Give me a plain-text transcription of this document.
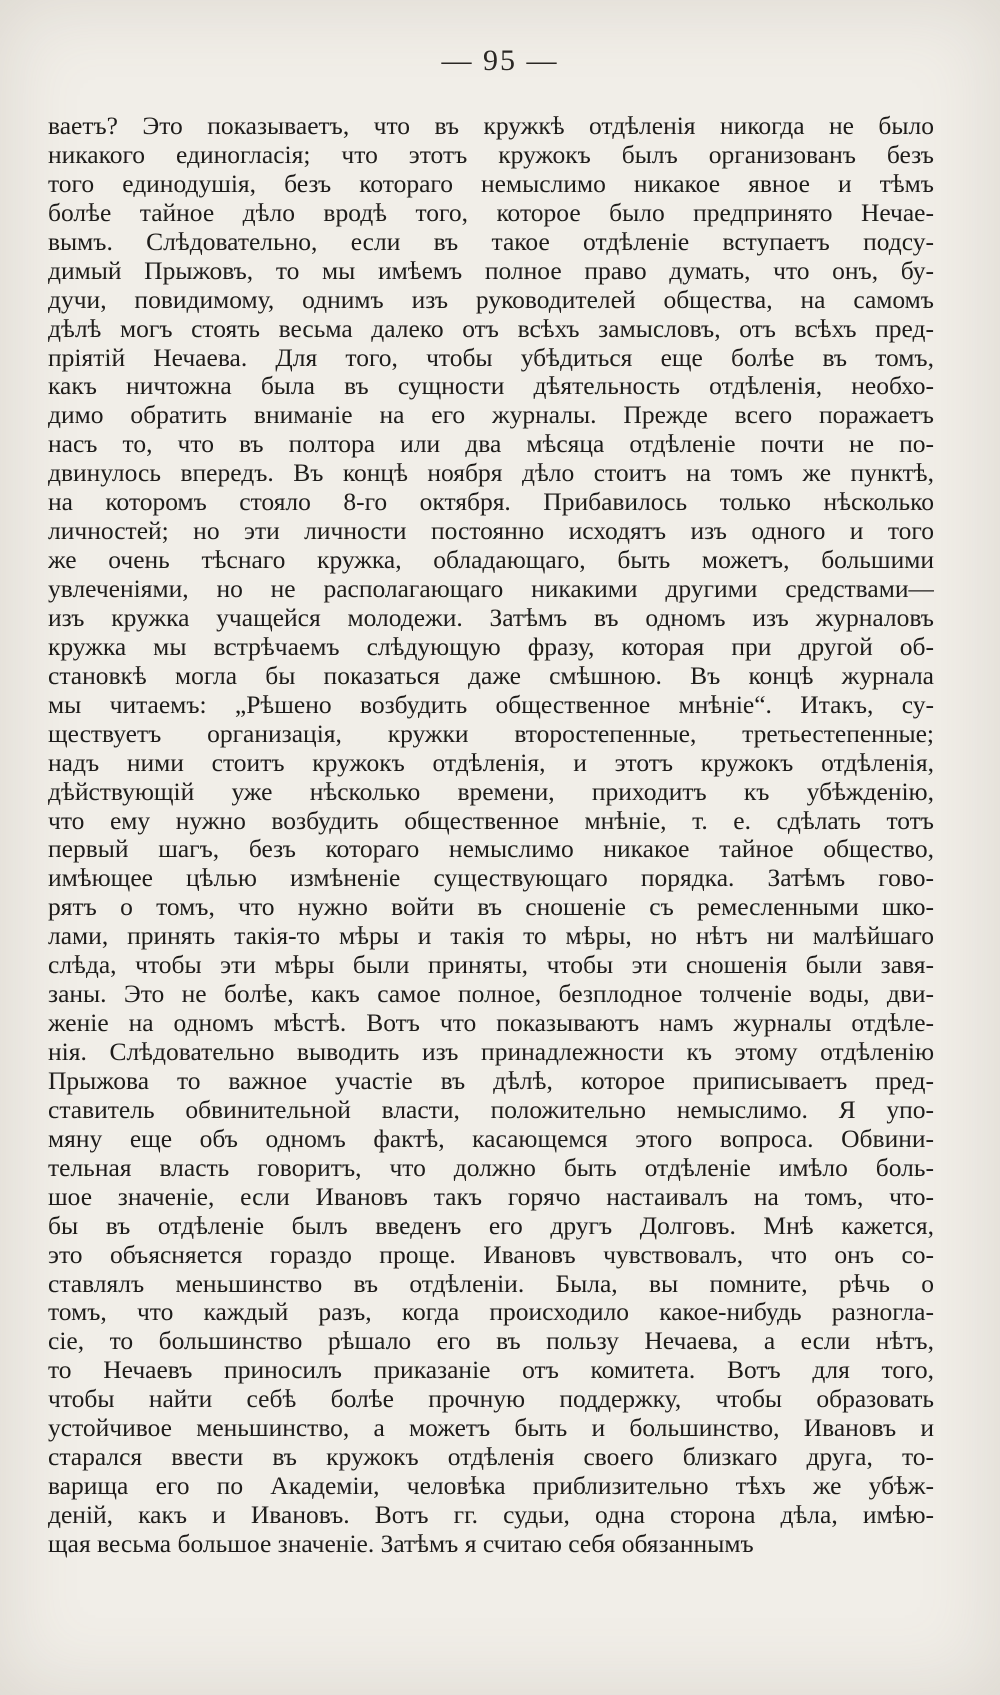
— 95 —
ваетъ? Это показываетъ, что въ кружкѣ отдѣленія никогда не было
никакого единогласія; что этотъ кружокъ былъ организованъ безъ
того единодушія, безъ котораго немыслимо никакое явное и тѣмъ
болѣе тайное дѣло вродѣ того, которое было предпринято Нечае-
вымъ. Слѣдовательно, если въ такое отдѣленіе вступаетъ подсу-
димый Прыжовъ, то мы имѣемъ полное право думать, что онъ, бу-
дучи, повидимому, однимъ изъ руководителей общества, на самомъ
дѣлѣ могъ стоять весьма далеко отъ всѣхъ замысловъ, отъ всѣхъ пред-
пріятій Нечаева. Для того, чтобы убѣдиться еще болѣе въ томъ,
какъ ничтожна была въ сущности дѣятельность отдѣленія, необхо-
димо обратить вниманіе на его журналы. Прежде всего поражаетъ
насъ то, что въ полтора или два мѣсяца отдѣленіе почти не по-
двинулось впередъ. Въ концѣ ноября дѣло стоитъ на томъ же пунктѣ,
на которомъ стояло 8-го октября. Прибавилось только нѣсколько
личностей; но эти личности постоянно исходятъ изъ одного и того
же очень тѣснаго кружка, обладающаго, быть можетъ, большими
увлеченіями, но не располагающаго никакими другими средствами—
изъ кружка учащейся молодежи. Затѣмъ въ одномъ изъ журналовъ
кружка мы встрѣчаемъ слѣдующую фразу, которая при другой об-
становкѣ могла бы показаться даже смѣшною. Въ концѣ журнала
мы читаемъ: „Рѣшено возбудить общественное мнѣніе“. Итакъ, су-
ществуетъ организація, кружки второстепенные, третьестепенные;
надъ ними стоитъ кружокъ отдѣленія, и этотъ кружокъ отдѣленія,
дѣйствующій уже нѣсколько времени, приходитъ къ убѣжденію,
что ему нужно возбудить общественное мнѣніе, т. е. сдѣлать тотъ
первый шагъ, безъ котораго немыслимо никакое тайное общество,
имѣющее цѣлью измѣненіе существующаго порядка. Затѣмъ гово-
рятъ о томъ, что нужно войти въ сношеніе съ ремесленными шко-
лами, принять такія-то мѣры и такія то мѣры, но нѣтъ ни малѣйшаго
слѣда, чтобы эти мѣры были приняты, чтобы эти сношенія были завя-
заны. Это не болѣе, какъ самое полное, безплодное толченіе воды, дви-
женіе на одномъ мѣстѣ. Вотъ что показываютъ намъ журналы отдѣле-
нія. Слѣдовательно выводить изъ принадлежности къ этому отдѣленію
Прыжова то важное участіе въ дѣлѣ, которое приписываетъ пред-
ставитель обвинительной власти, положительно немыслимо. Я упо-
мяну еще объ одномъ фактѣ, касающемся этого вопроса. Обвини-
тельная власть говоритъ, что должно быть отдѣленіе имѣло боль-
шое значеніе, если Ивановъ такъ горячо настаивалъ на томъ, что-
бы въ отдѣленіе былъ введенъ его другъ Долговъ. Мнѣ кажется,
это объясняется гораздо проще. Ивановъ чувствовалъ, что онъ со-
ставлялъ меньшинство въ отдѣленіи. Была, вы помните, рѣчь о
томъ, что каждый разъ, когда происходило какое-нибудь разногла-
сіе, то большинство рѣшало его въ пользу Нечаева, а если нѣтъ,
то Нечаевъ приносилъ приказаніе отъ комитета. Вотъ для того,
чтобы найти себѣ болѣе прочную поддержку, чтобы образовать
устойчивое меньшинство, а можетъ быть и большинство, Ивановъ и
старался ввести въ кружокъ отдѣленія своего близкаго друга, то-
варища его по Академіи, человѣка приблизительно тѣхъ же убѣж-
деній, какъ и Ивановъ. Вотъ гг. судьи, одна сторона дѣла, имѣю-
щая весьма большое значеніе. Затѣмъ я считаю себя обязаннымъ
